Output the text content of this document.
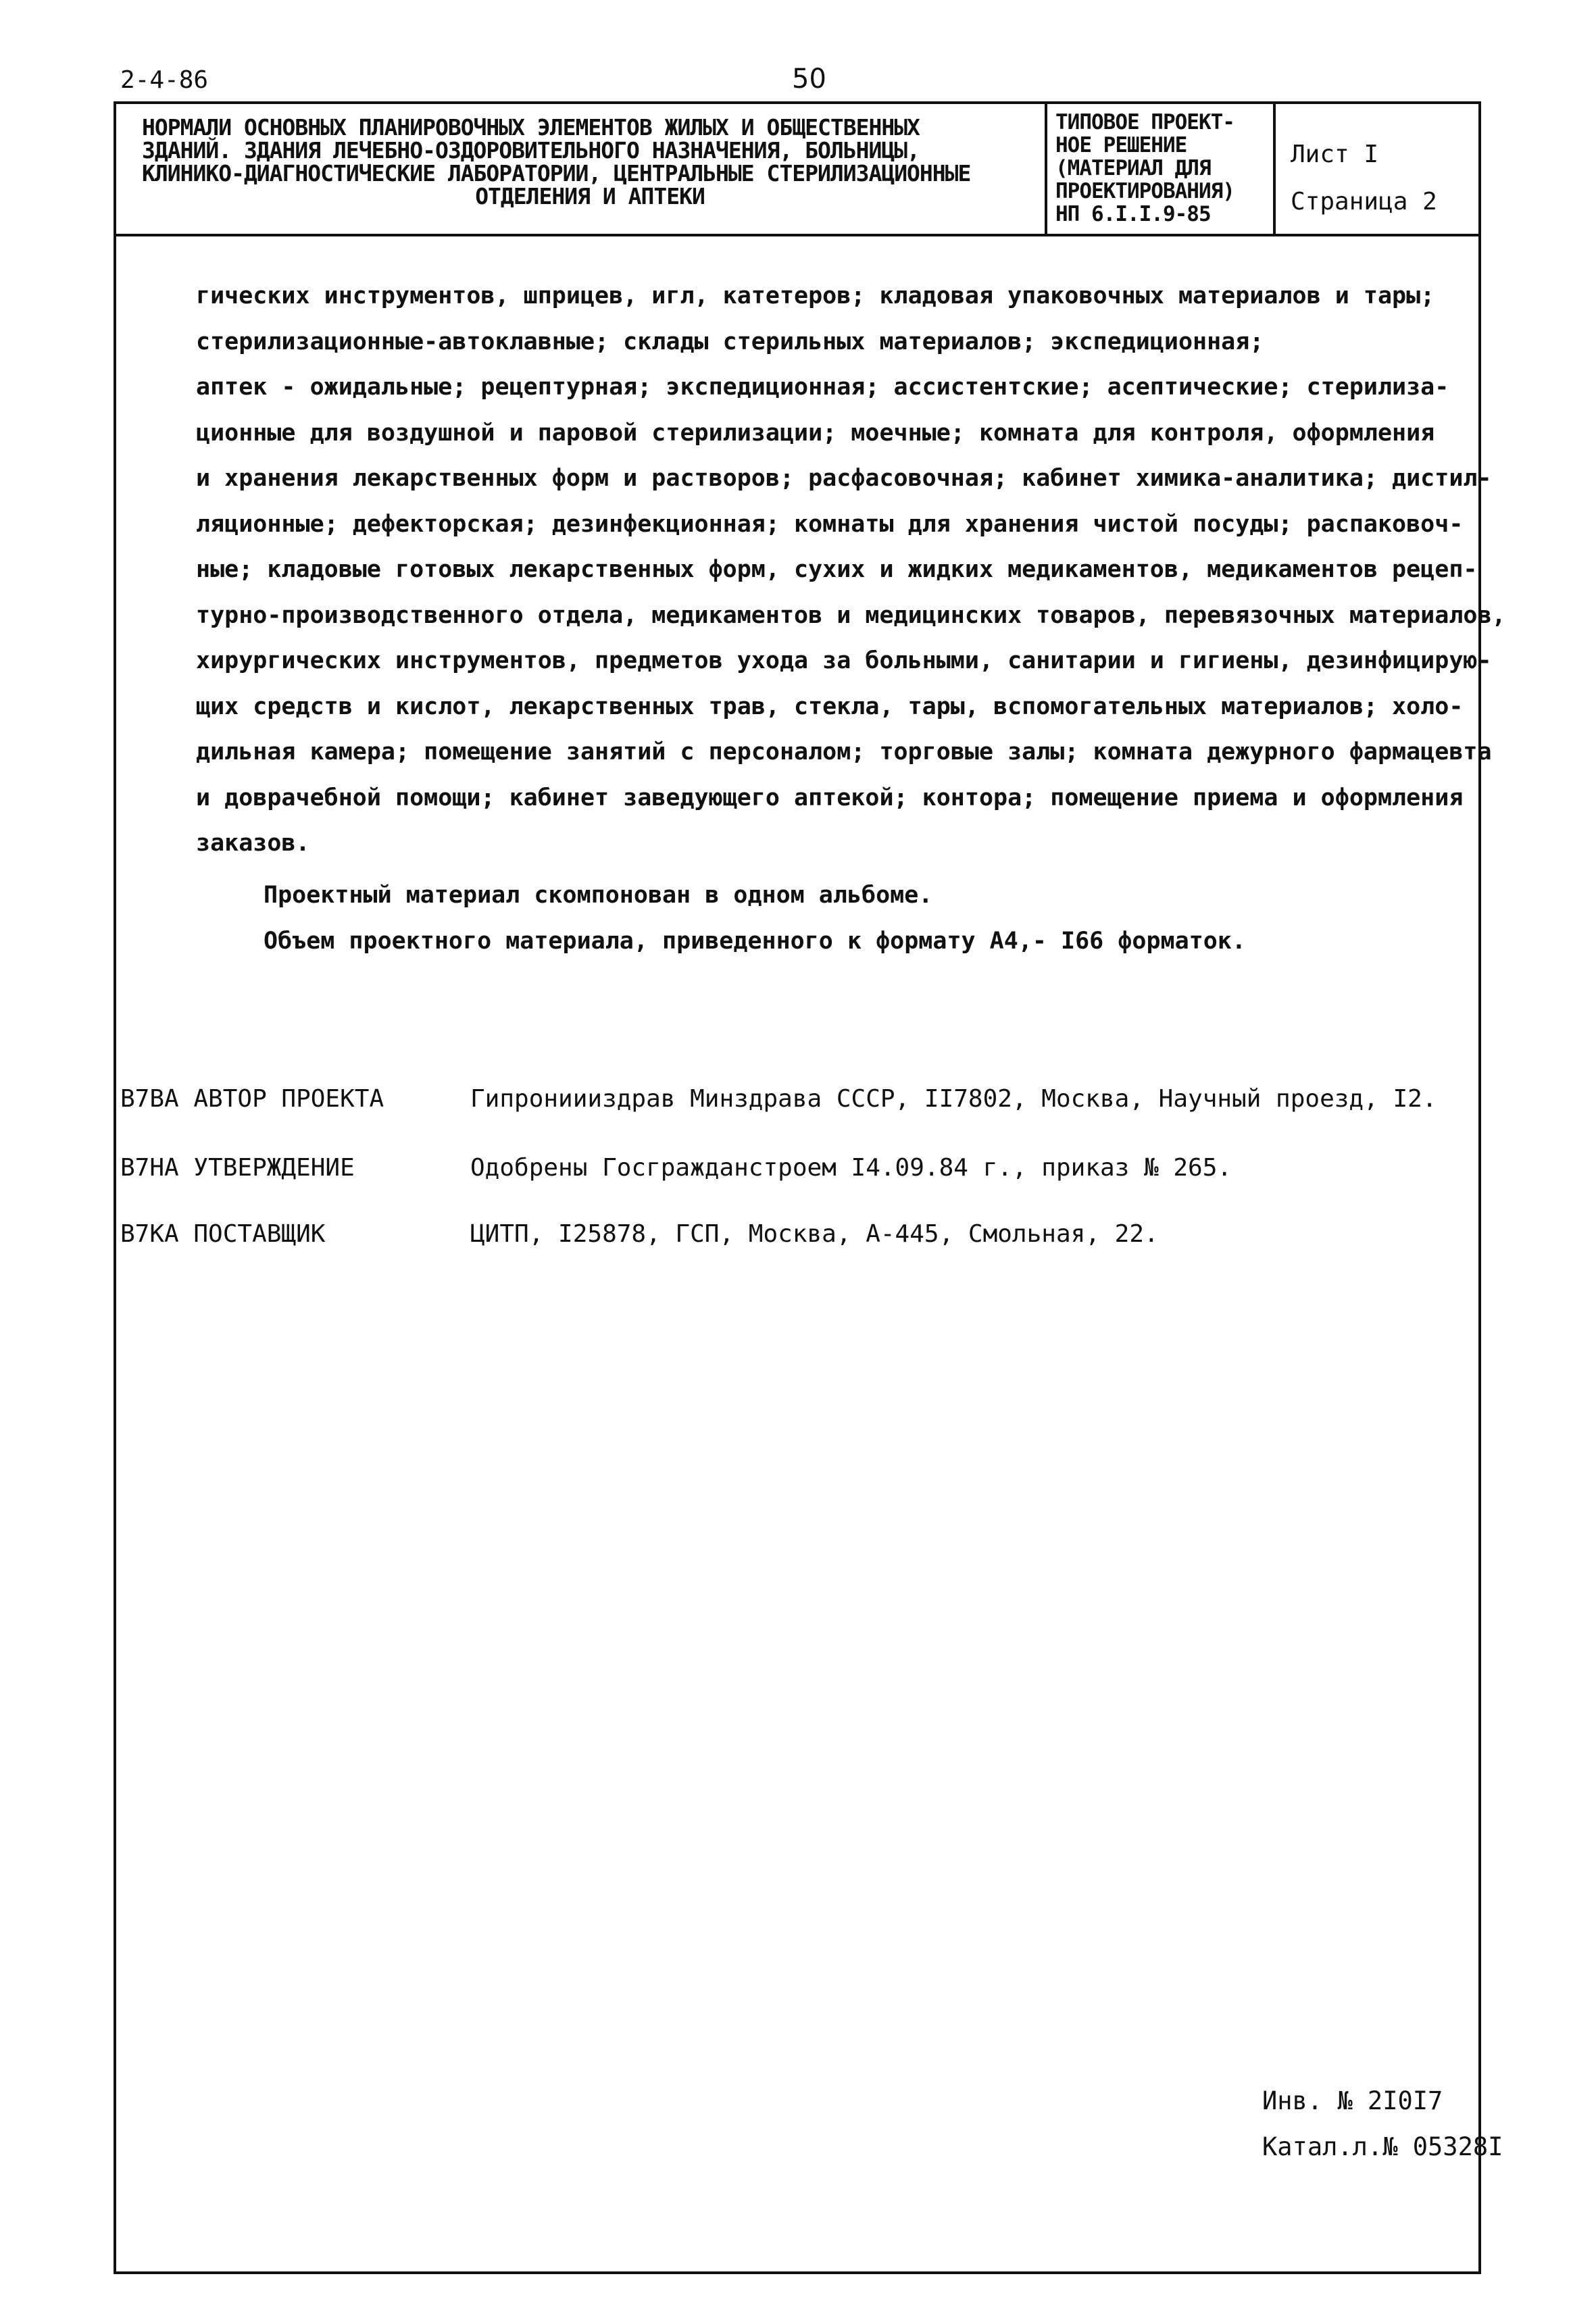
2-4-86	50
НОРМАЛИ ОСНОВНЫХ ПЛАНИРОВОЧНЫХ ЭЛЕМЕНТОВ ЖИЛЫХ И ОБЩЕСТВЕННЫХ
ЗДАНИЙ. ЗДАНИЯ ЛЕЧЕБНО-ОЗДОРОВИТЕЛЬНОГО НАЗНАЧЕНИЯ, БОЛЬНИЦЫ,
КЛИНИКО-ДИАГНОСТИЧЕСКИЕ ЛАБОРАТОРИИ, ЦЕНТРАЛЬНЫЕ СТЕРИЛИЗАЦИОННЫЕ
ОТДЕЛЕНИЯ И АПТЕКИ
ТИПОВОЕ ПРОЕКТ-
НОЕ РЕШЕНИЕ
(МАТЕРИАЛ ДЛЯ
ПРОЕКТИРОВАНИЯ)
НП 6.I.I.9-85
Лист I
Страница 2
гических инструментов, шприцев, игл, катетеров; кладовая упаковочных материалов и тары;
стерилизационные-автоклавные; склады стерильных материалов; экспедиционная;
аптек - ожидальные; рецептурная; экспедиционная; ассистентские; асептические; стерилиза-
ционные для воздушной и паровой стерилизации; моечные; комната для контроля, оформления
и хранения лекарственных форм и растворов; расфасовочная; кабинет химика-аналитика; дистил-
ляционные; дефекторская; дезинфекционная; комнаты для хранения чистой посуды; распаковоч-
ные; кладовые готовых лекарственных форм, сухих и жидких медикаментов, медикаментов рецеп-
турно-производственного отдела, медикаментов и медицинских товаров, перевязочных материалов,
хирургических инструментов, предметов ухода за больными, санитарии и гигиены, дезинфицирую-
щих средств и кислот, лекарственных трав, стекла, тары, вспомогательных материалов; холо-
дильная камера; помещение занятий с персоналом; торговые залы; комната дежурного фармацевта
и доврачебной помощи; кабинет заведующего аптекой; контора; помещение приема и оформления
заказов.
Проектный материал скомпонован в одном альбоме.
Объем проектного материала, приведенного к формату А4,- I66 форматок.
В7ВА АВТОР ПРОЕКТА	Гипрониииздрав Минздрава СССР, II7802, Москва, Научный проезд, I2.
В7НА УТВЕРЖДЕНИЕ	Одобрены Госгражданстроем I4.09.84 г., приказ № 265.
В7КА ПОСТАВЩИК	ЦИТП, I25878, ГСП, Москва, А-445, Смольная, 22.
Инв. № 2I0I7
Катал.л.№ 05328I
